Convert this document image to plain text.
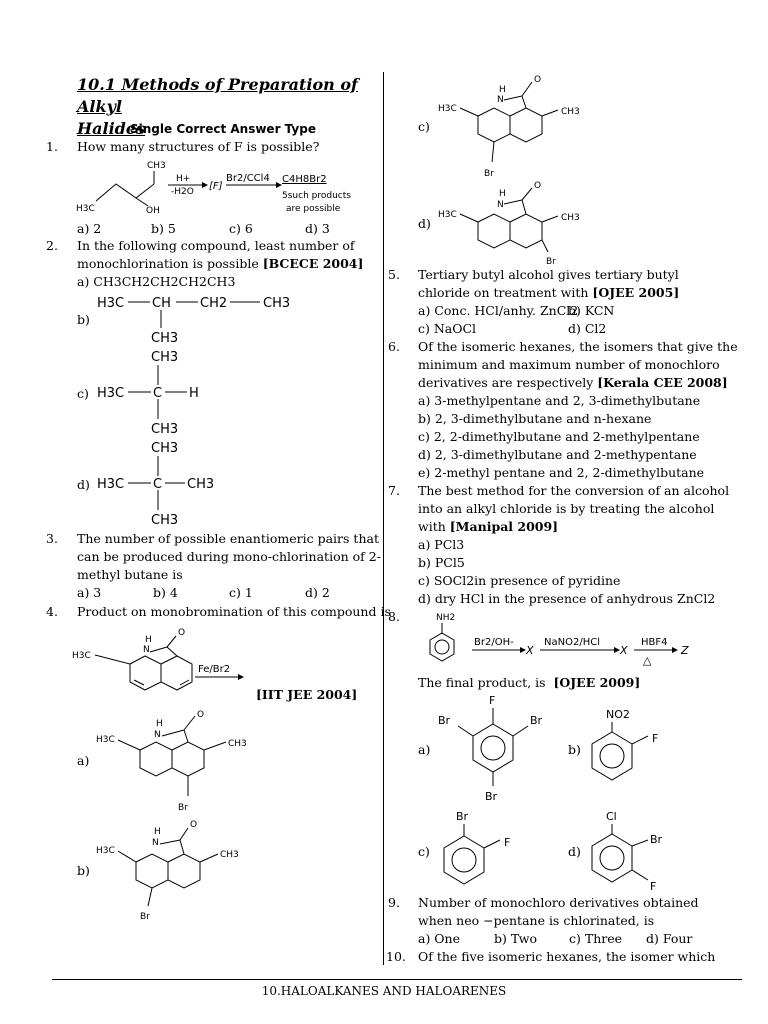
10.1 Methods of Preparation of Alkyl
Halides
Single Correct Answer Type
1. How many structures of F is possible?
CH3
H3C	OH
H+
-H2O [F]
Br2/CCl4 C4H8Br2
5such products
are possible
a) 2	b) 5	c) 6	d) 3
2. In the following compound, least number of
monochlorination is possible [BCECE 2004]
a) CH3CH2CH2CH2CH3
H3C CH CH2	CH3
CH3
b)
CH3
H3C C H
CH3
c)
CH3
H3C C CH3
CH3
d)
3. The number of possible enantiomeric pairs that
can be produced during mono-chlorination of 2-
methyl butane is
a) 3	b) 4	c) 1	d) 2
4. Product on monobromination of this compound is
H
N
O
H3C
Fe/Br2
[IIT JEE 2004]
H
N
O
H3C	CH3
Br
a)
H
N
O
H3C	CH3
Br
b)
H
N
O
H3C	CH3
Br
c)
H
N
O
H3C	CH3
Br
d)
5. Tertiary butyl alcohol gives tertiary butyl
chloride on treatment with [OJEE 2005]
a) Conc. HCl/anhy. ZnCl2
b) KCN
c) NaOCl	d) Cl2
6. Of the isomeric hexanes, the isomers that give the
minimum and maximum number of monochloro
derivatives are respectively [Kerala CEE 2008]
a) 3-methylpentane and 2, 3-dimethylbutane
b) 2, 3-dimethylbutane and n-hexane
c) 2, 2-dimethylbutane and 2-methylpentane
d) 2, 3-dimethylbutane and 2-methypentane
e) 2-methyl pentane and 2, 2-dimethylbutane
7. The best method for the conversion of an alcohol
into an alkyl chloride is by treating the alcohol
with [Manipal 2009]
a) PCl3
b) PCl5
c) SOCl2in presence of pyridine
d) dry HCl in the presence of anhydrous ZnCl2
8.	NH2
Br2/OH-
X
NaNO2/HCl
X
HBF4
△
Z
The final product, is [OJEE 2009]
F
Br	Br
Br
a)
NO2
F
b)
Br
F
c)
Cl
Br
F
d)
9. Number of monochloro derivatives obtained
when neo −pentane is chlorinated, is
a) One	b) Two	c) Three d) Four
10. Of the five isomeric hexanes, the isomer which
10.HALOALKANES AND HALOARENES
